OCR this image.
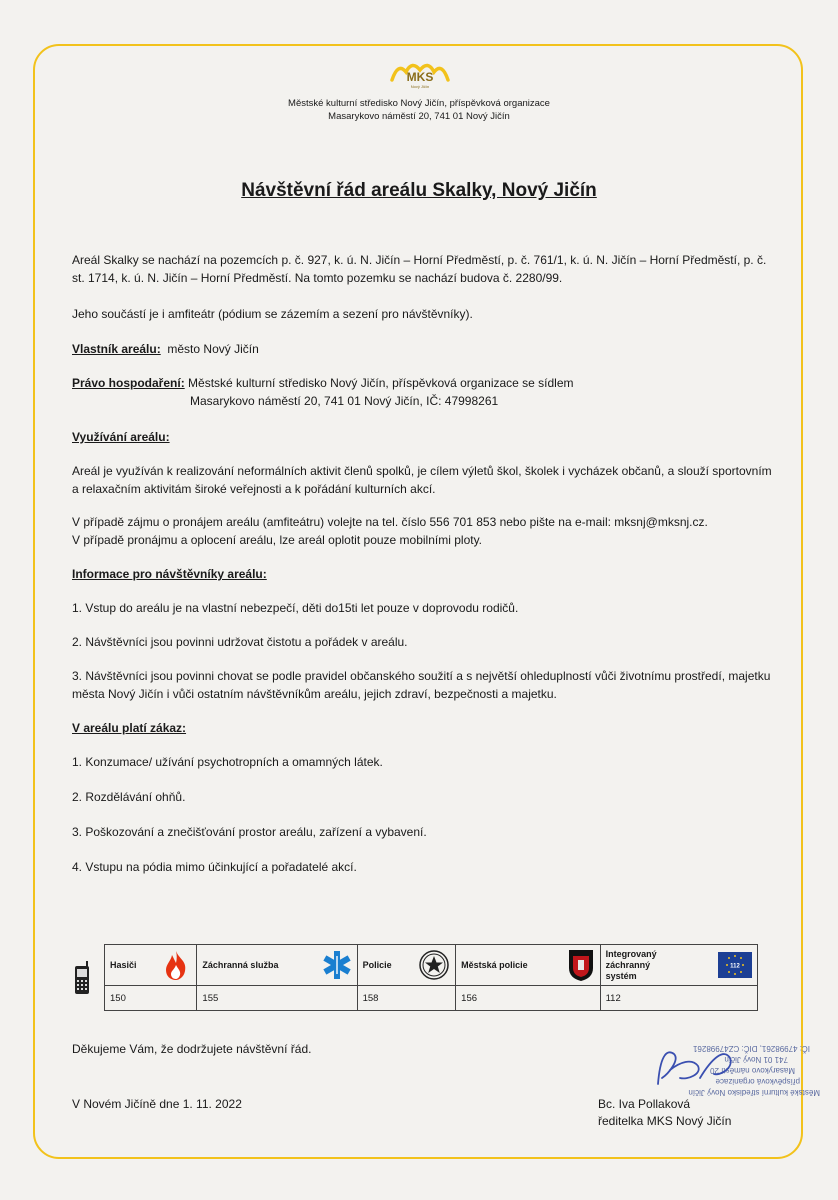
MKS
Nový Jičín
Městské kulturní středisko Nový Jičín, příspěvková organizace
Masarykovo náměstí 20, 741 01 Nový Jičín
Návštěvní řád areálu Skalky, Nový Jičín

Areál Skalky se nachází na pozemcích p. č. 927, k. ú. N. Jičín – Horní Předměstí, p. č. 761/1, k. ú. N. Jičín – Horní Předměstí, p. č. st. 1714, k. ú. N. Jičín – Horní Předměstí. Na tomto pozemku se nachází budova č. 2280/99.

Jeho součástí je i amfiteátr (pódium se zázemím a sezení pro návštěvníky).

Vlastník areálu: město Nový Jičín

Právo hospodaření: Městské kulturní středisko Nový Jičín, příspěvková organizace se sídlem
Masarykovo náměstí 20, 741 01 Nový Jičín, IČ: 47998261

Využívání areálu:

Areál je využíván k realizování neformálních aktivit členů spolků, je cílem výletů škol, školek i vycházek občanů, a slouží sportovním a relaxačním aktivitám široké veřejnosti a k pořádání kulturních akcí.

V případě zájmu o pronájem areálu (amfiteátru) volejte na tel. číslo 556 701 853 nebo pište na e-mail: mksnj@mksnj.cz.
V případě pronájmu a oplocení areálu, lze areál oplotit pouze mobilními ploty.

Informace pro návštěvníky areálu:

1. Vstup do areálu je na vlastní nebezpečí, děti do15ti let pouze v doprovodu rodičů.

2. Návštěvníci jsou povinni udržovat čistotu a pořádek v areálu.

3. Návštěvníci jsou povinni chovat se podle pravidel občanského soužití a s největší ohleduplností vůči životnímu prostředí, majetku města Nový Jičín i vůči ostatním návštěvníkům areálu, jejich zdraví, bezpečnosti a majetku.

V areálu platí zákaz:

1. Konzumace/ užívání psychotropních a omamných látek.

2. Rozdělávání ohňů.

3. Poškozování a znečišťování prostor areálu, zařízení a vybavení.

4. Vstupu na pódia mimo účinkující a pořadatelé akcí.

Hasiči	Záchranná služba	Policie	Městská policie	Integrovaný záchranný systém
112

150	155	158	156	112

Děkujeme Vám, že dodržujete návštěvní řád.

V Novém Jičíně dne 1. 11. 2022

Městské kulturní středisko Nový Jičín
příspěvková organizace
Masarykovo náměstí 20
741 01 Nový Jičín
IČ: 47998261, DIČ: CZ47998261
Bc. Iva Pollaková
ředitelka MKS Nový Jičín
